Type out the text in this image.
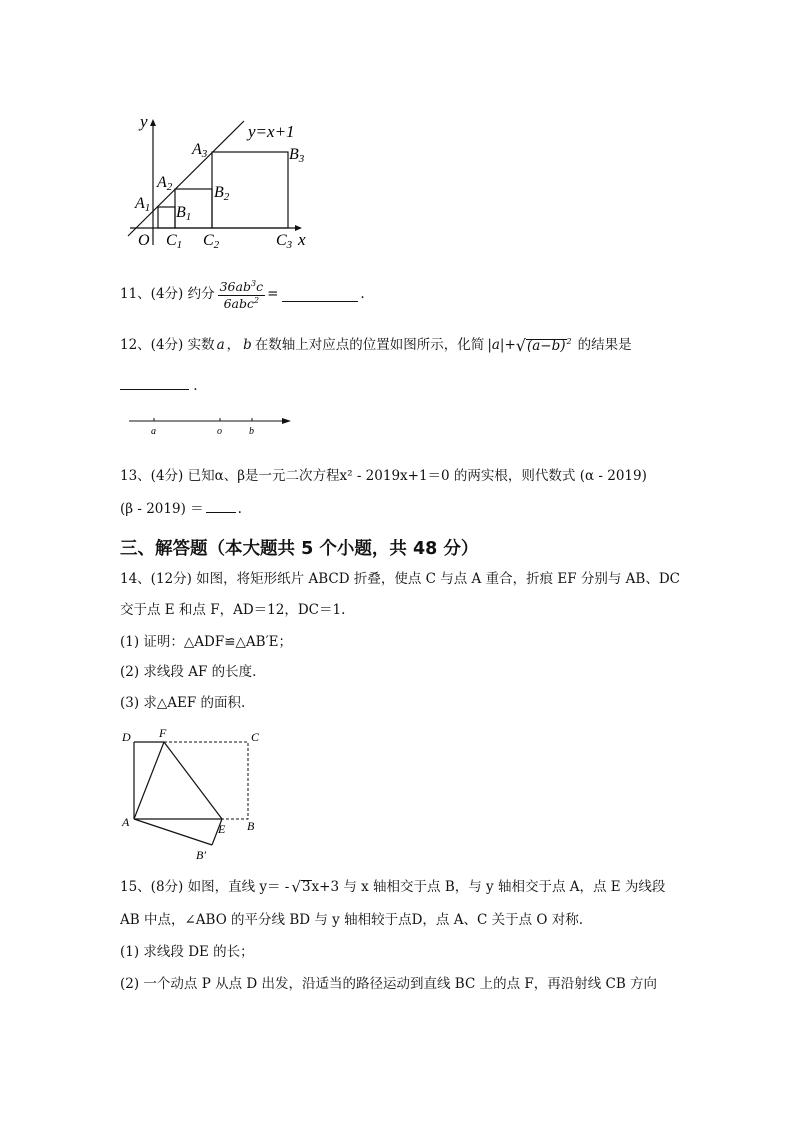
y
y=x+1
A3	B3
A2	B2
A1 B1
O C1 C2	C3 x
11、(4分) 约分 $\frac{36ab^3c}{6abc^2}$ =	.
12、(4分) 实数 a ， b 在数轴上对应点的位置如图所示，化简 |a|+ √ $(a-b)^2$ 的结果是
.
a	o	b
13、(4分) 已知α、β是一元二次方程x² - 2019x+1＝0 的两实根，则代数式 (α - 2019)
(β - 2019) ＝	.
三、解答题（本大题共 5 个小题，共 48 分）
14、(12分) 如图，将矩形纸片 ABCD 折叠，使点 C 与点 A 重合，折痕 EF 分别与 AB、DC
交于点 E 和点 F，AD＝12，DC＝1.
(1) 证明：△ADF≌△AB′E；
(2) 求线段 AF 的长度.
(3) 求△AEF 的面积.
D F	C
A	E B
B′
15、(8分) 如图，直线 y＝ - √ 3 x+3 与 x 轴相交于点 B，与 y 轴相交于点 A，点 E 为线段
AB 中点，∠ABO 的平分线 BD 与 y 轴相较于点D，点 A、C 关于点 O 对称.
(1) 求线段 DE 的长；
(2) 一个动点 P 从点 D 出发，沿适当的路径运动到直线 BC 上的点 F，再沿射线 CB 方向
